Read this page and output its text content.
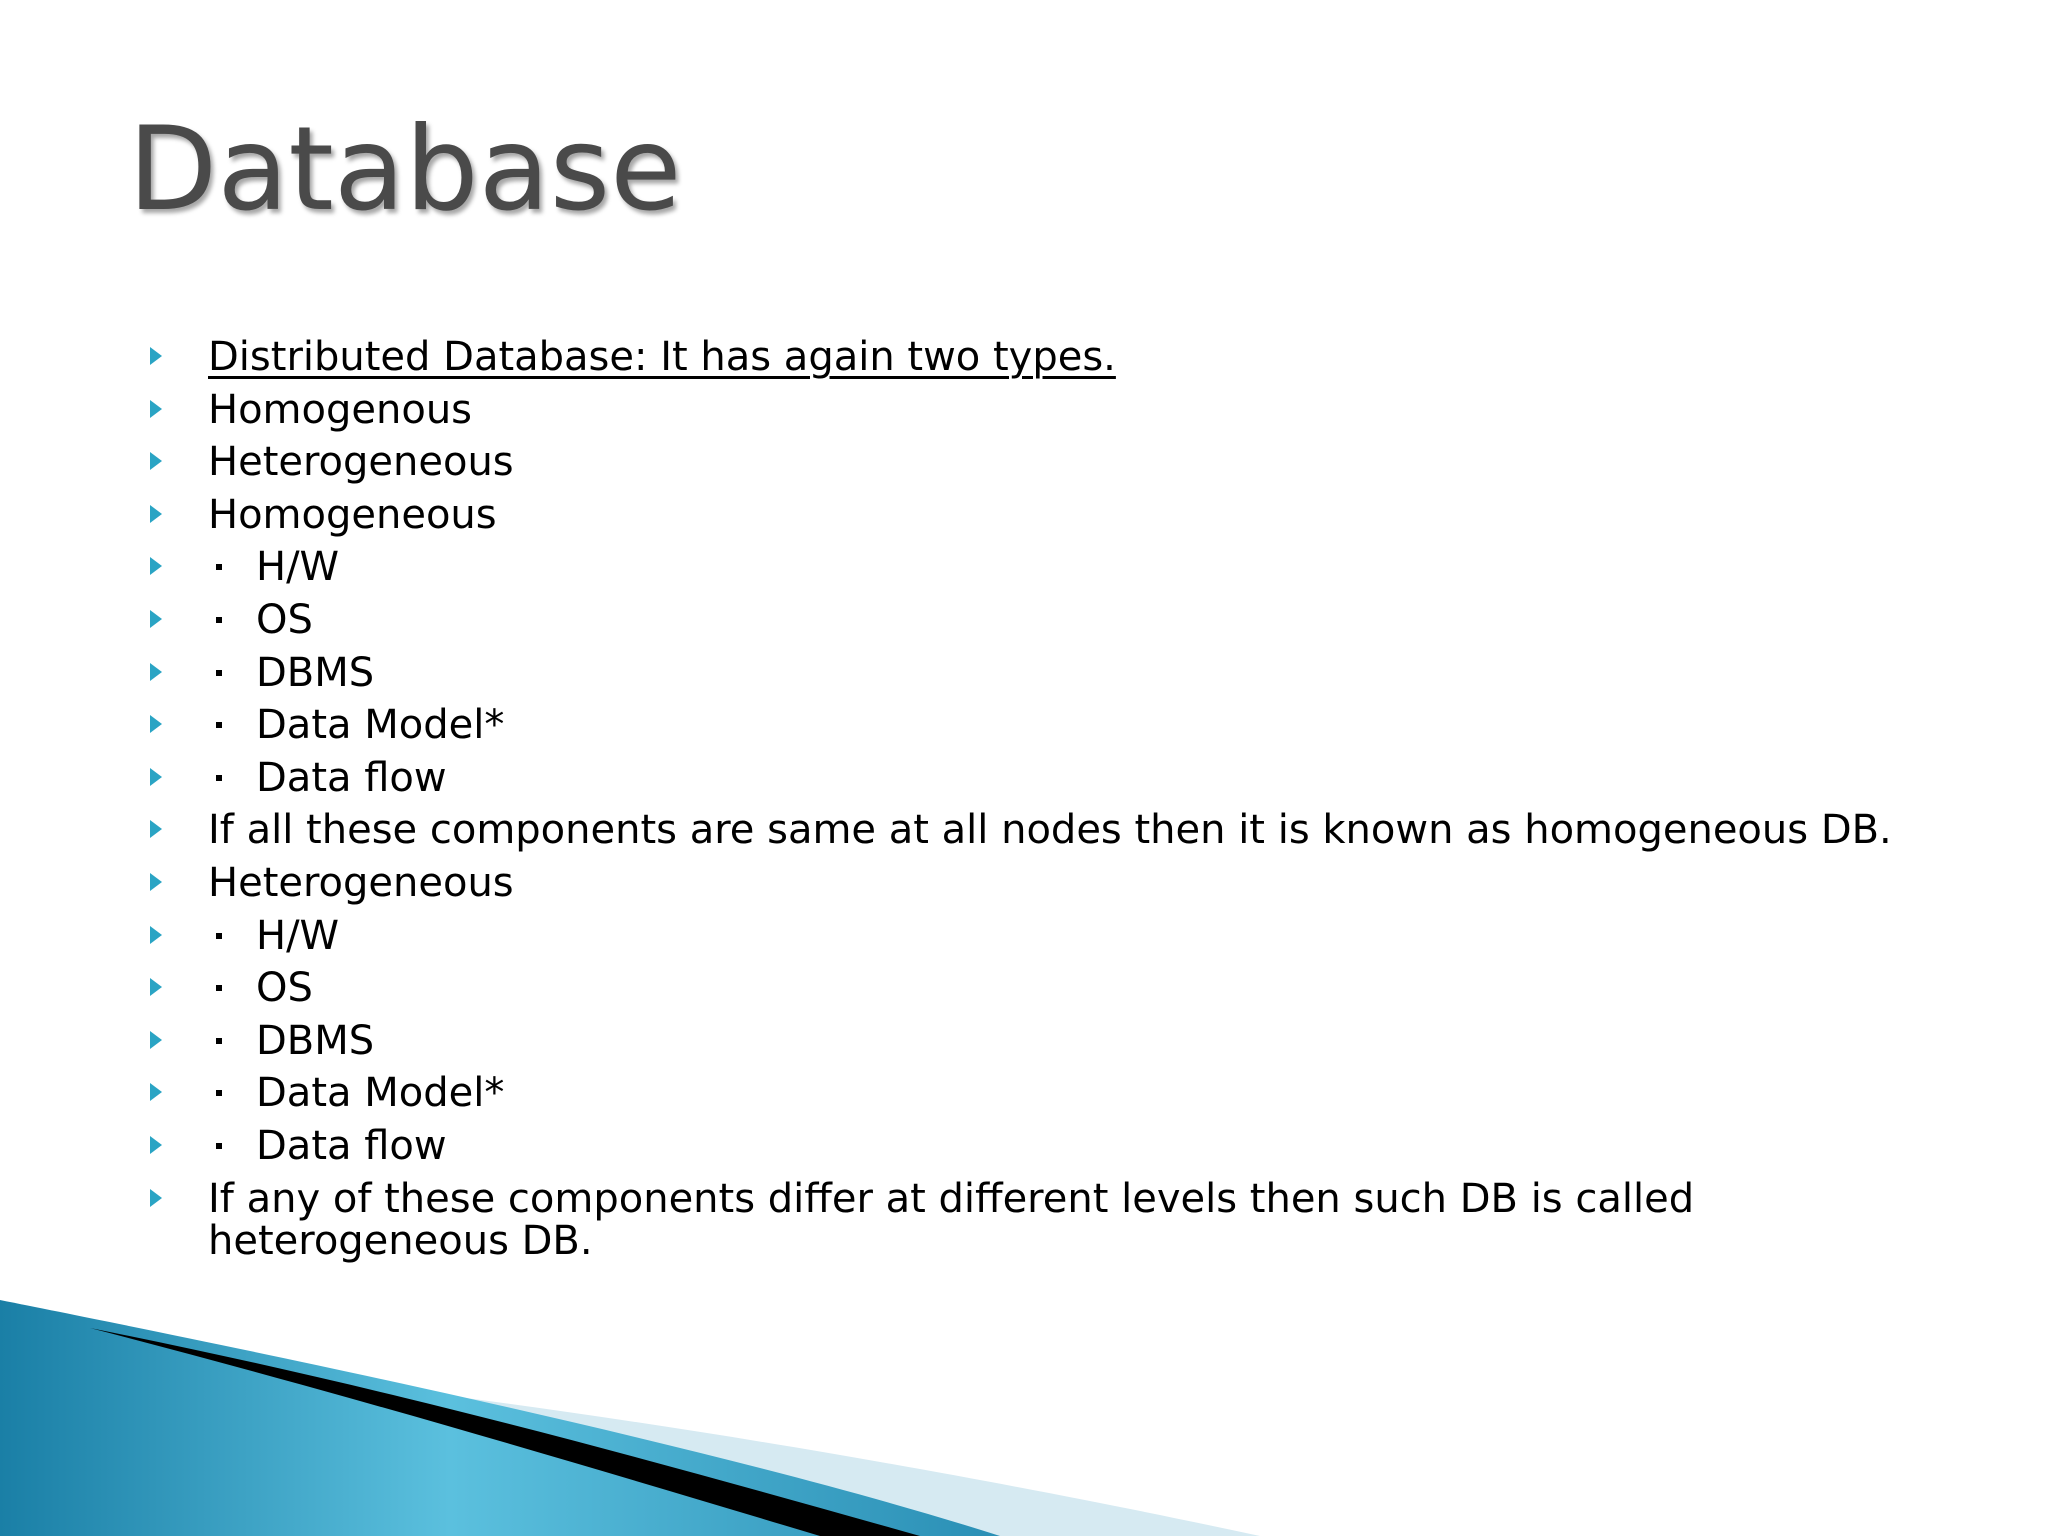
Database
Distributed Database: It has again two types.
Homogenous
Heterogeneous
Homogeneous
H/W
OS
DBMS
Data Model*
Data flow
If all these components are same at all nodes then it is known as homogeneous DB.
Heterogeneous
H/W
OS
DBMS
Data Model*
Data flow
If any of these components differ at different levels then such DB is called heterogeneous DB.
